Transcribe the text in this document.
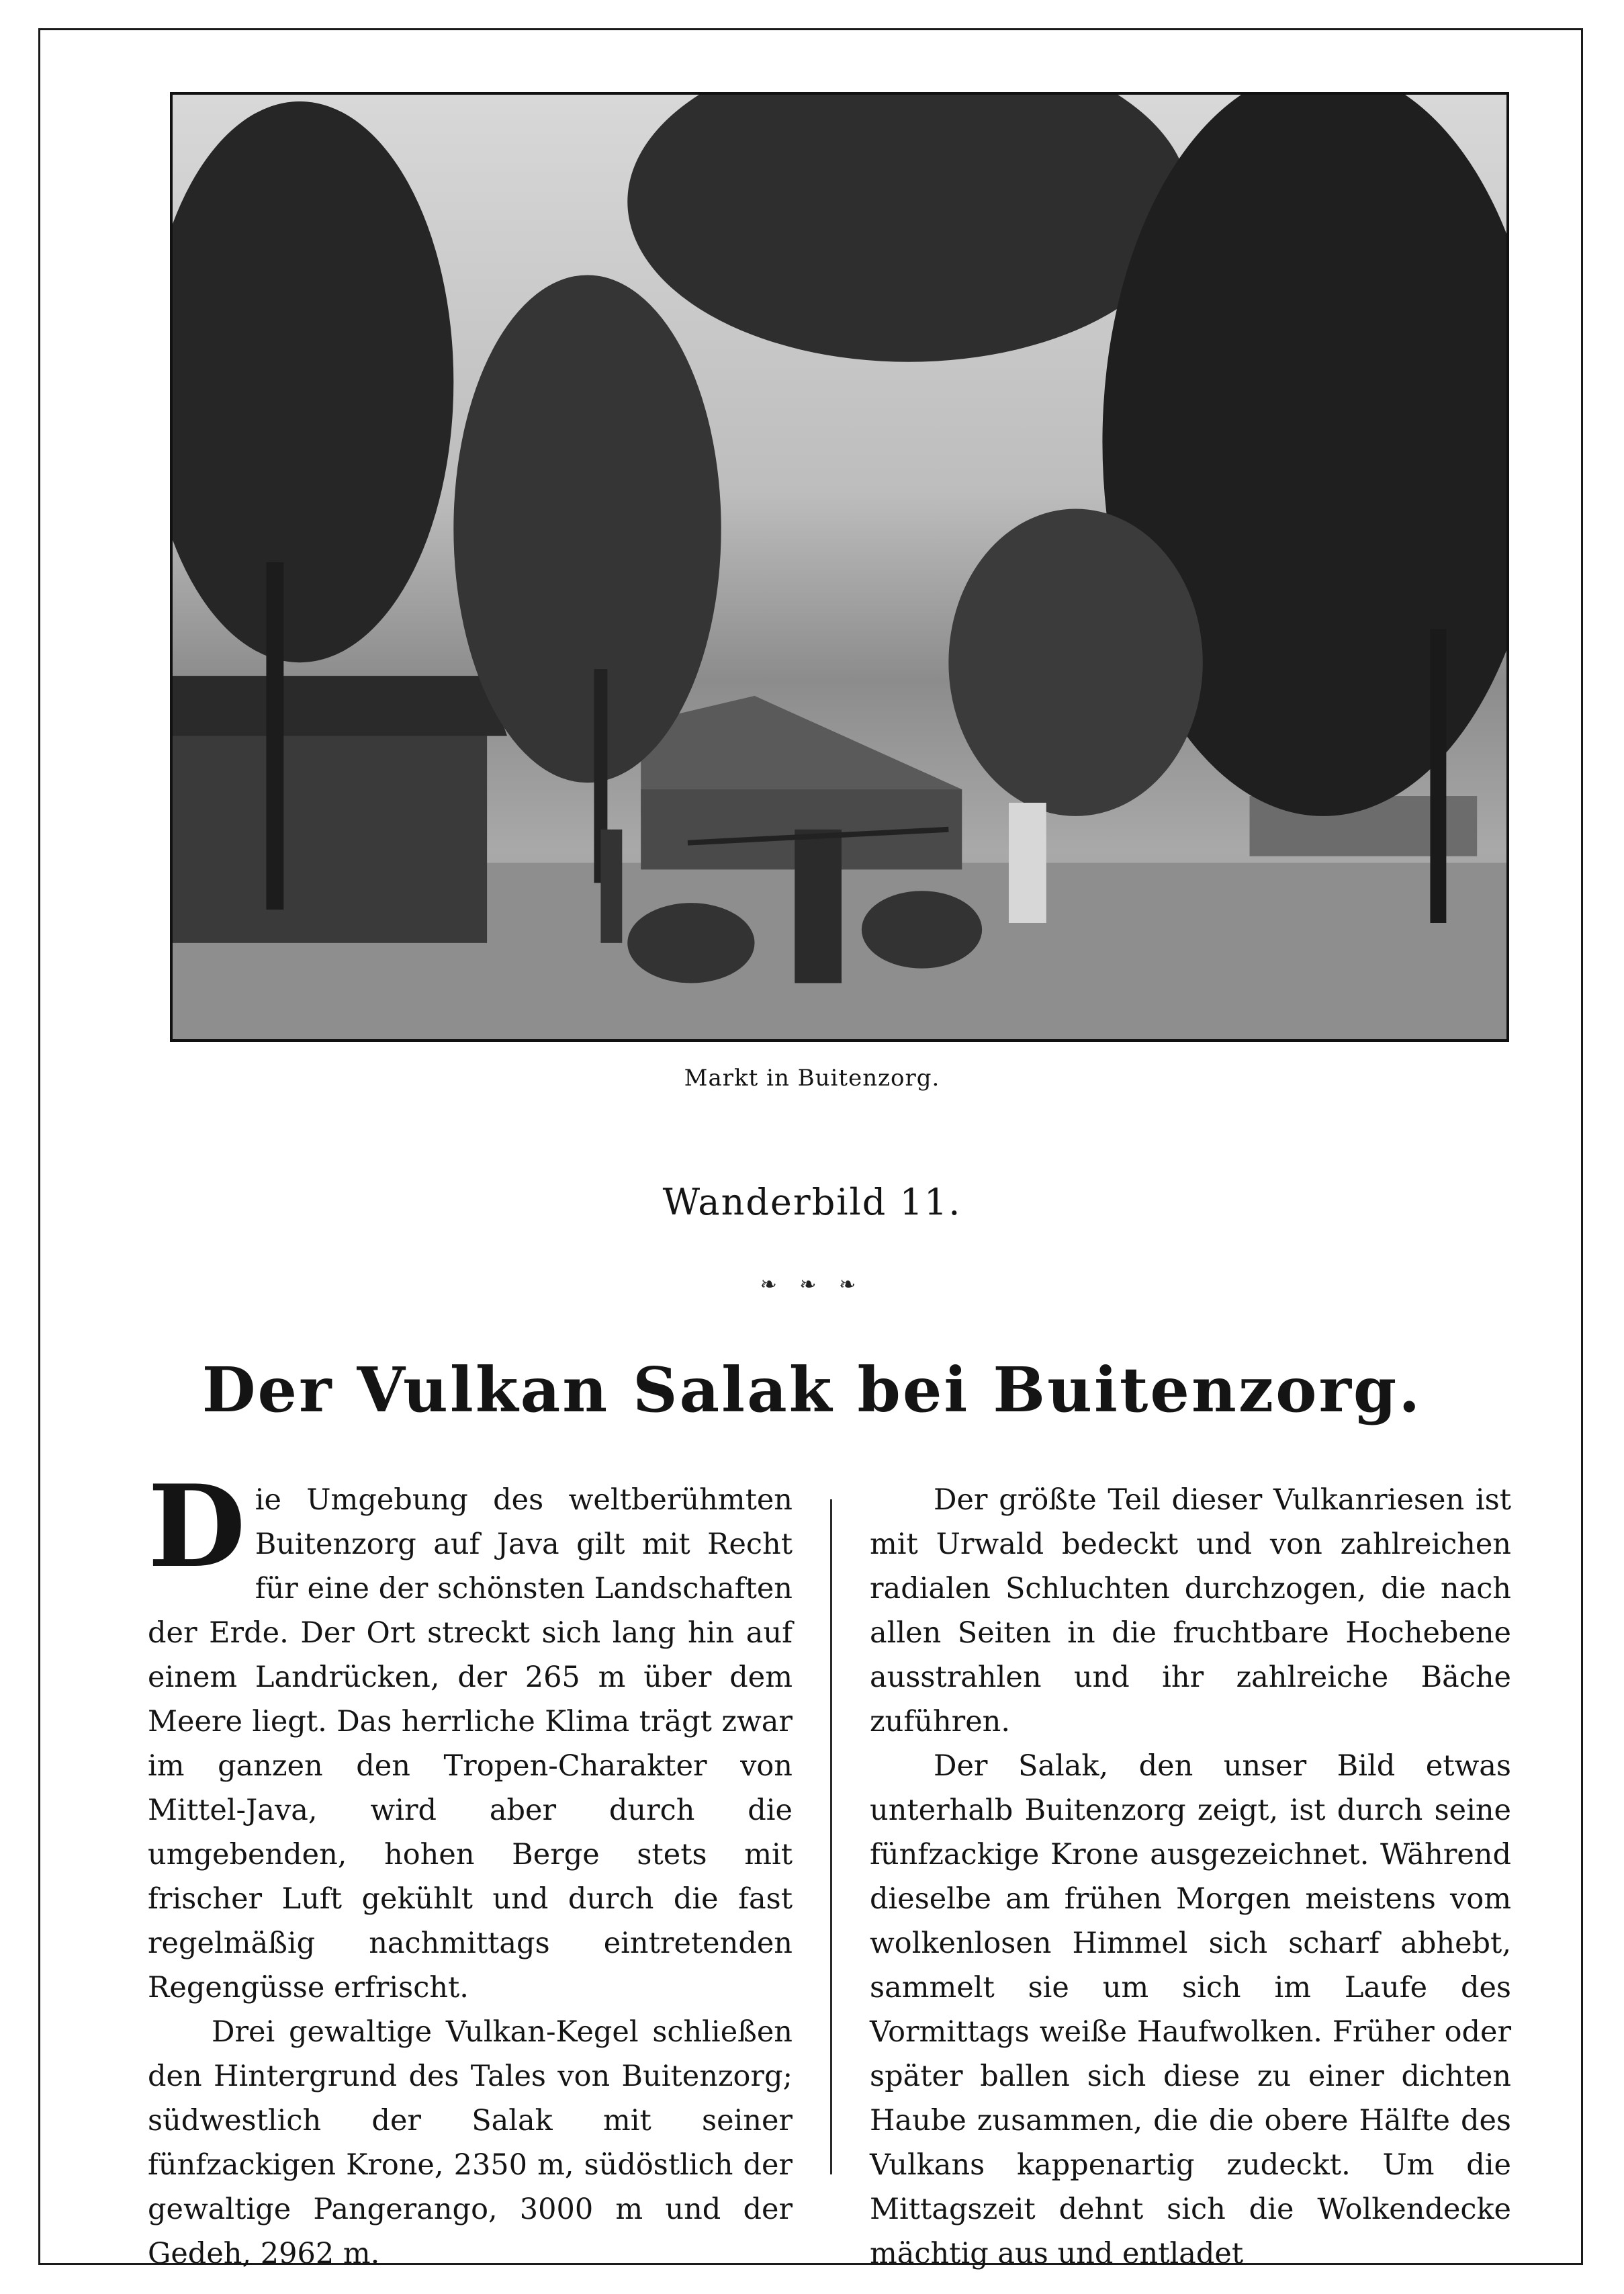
Markt in Buitenzorg.
Wanderbild 11.
❧ ❧ ❧
Der Vulkan Salak bei Buitenzorg.

D ie Umgebung des weltberühmten Buitenzorg auf Java gilt mit Recht für eine der schönsten Landschaften der Erde. Der Ort streckt sich lang hin auf einem Landrücken, der 265 m über dem Meere liegt. Das herrliche Klima trägt zwar im ganzen den Tropen-Charakter von Mittel-Java, wird aber durch die umgebenden, hohen Berge stets mit frischer Luft gekühlt und durch die fast regelmäßig nachmittags eintretenden Regengüsse erfrischt.

Drei gewaltige Vulkan-Kegel schließen den Hintergrund des Tales von Buitenzorg; südwestlich der Salak mit seiner fünfzackigen Krone, 2350 m, südöstlich der gewaltige Pangerango, 3000 m und der Gedeh, 2962 m.

Der größte Teil dieser Vulkanriesen ist mit Urwald bedeckt und von zahlreichen radialen Schluchten durchzogen, die nach allen Seiten in die fruchtbare Hochebene ausstrahlen und ihr zahlreiche Bäche zuführen.

Der Salak, den unser Bild etwas unterhalb Buitenzorg zeigt, ist durch seine fünfzackige Krone ausgezeichnet. Während dieselbe am frühen Morgen meistens vom wolkenlosen Himmel sich scharf abhebt, sammelt sie um sich im Laufe des Vormittags weiße Haufwolken. Früher oder später ballen sich diese zu einer dichten Haube zusammen, die die obere Hälfte des Vulkans kappenartig zudeckt. Um die Mittagszeit dehnt sich die Wolkendecke mächtig aus und entladet
